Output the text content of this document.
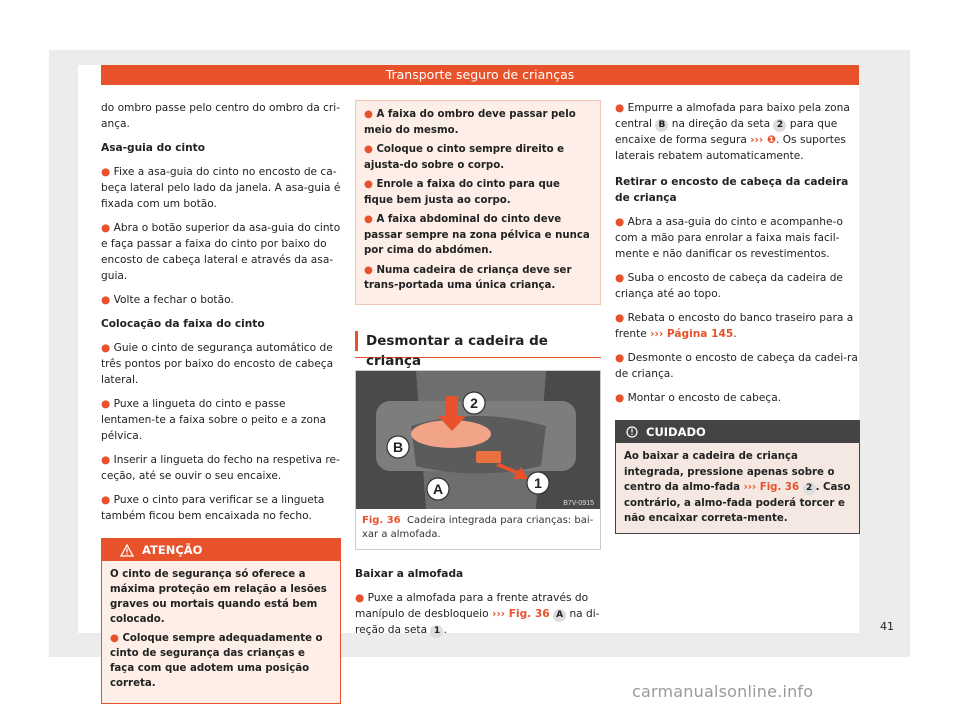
Transporte seguro de crianças

do ombro passe pelo centro do ombro da cri-ança.

Asa-guia do cinto

● Fixe a asa-guia do cinto no encosto de ca-beça lateral pelo lado da janela. A asa-guia é fixada com um botão.

● Abra o botão superior da asa-guia do cinto e faça passar a faixa do cinto por baixo do encosto de cabeça lateral e através da asa-guia.

● Volte a fechar o botão.

Colocação da faixa do cinto

● Guie o cinto de segurança automático de três pontos por baixo do encosto de cabeça lateral.

● Puxe a lingueta do cinto e passe lentamen-te a faixa sobre o peito e a zona pélvica.

● Inserir a lingueta do fecho na respetiva re-ceção, até se ouvir o seu encaixe.

● Puxe o cinto para verificar se a lingueta também ficou bem encaixada no fecho.

ATENÇÃO

O cinto de segurança só oferece a máxima proteção em relação a lesões graves ou mortais quando está bem colocado.

● Coloque sempre adequadamente o cinto de segurança das crianças e faça com que adotem uma posição correta.

● A faixa do ombro deve passar pelo meio do mesmo.

● Coloque o cinto sempre direito e ajusta-do sobre o corpo.

● Enrole a faixa do cinto para que fique bem justa ao corpo.

● A faixa abdominal do cinto deve passar sempre na zona pélvica e nunca por cima do abdómen.

● Numa cadeira de criança deve ser trans-portada uma única criança.

Desmontar a cadeira de criança
2
B
A	1
B7V-0915
Fig. 36 Cadeira integrada para crianças: bai-xar a almofada.

Baixar a almofada

● Puxe a almofada para a frente através do manípulo de desbloqueio ››› Fig. 36 A na di-reção da seta 1 .

● Empurre a almofada para baixo pela zona central B na direção da seta 2 para que encaixe de forma segura ››› ❶. Os suportes laterais rebatem automaticamente.

Retirar o encosto de cabeça da cadeira de criança

● Abra a asa-guia do cinto e acompanhe-o com a mão para enrolar a faixa mais facil-mente e não danificar os revestimentos.

● Suba o encosto de cabeça da cadeira de criança até ao topo.

● Rebata o encosto do banco traseiro para a frente ››› Página 145.

● Desmonte o encosto de cabeça da cadei-ra de criança.

● Montar o encosto de cabeça.

CUIDADO
Ao baixar a cadeira de criança integrada, pressione apenas sobre o centro da almo-fada ››› Fig. 36 2 . Caso contrário, a almo-fada poderá torcer e não encaixar correta-mente.
41
carmanualsonline.info
